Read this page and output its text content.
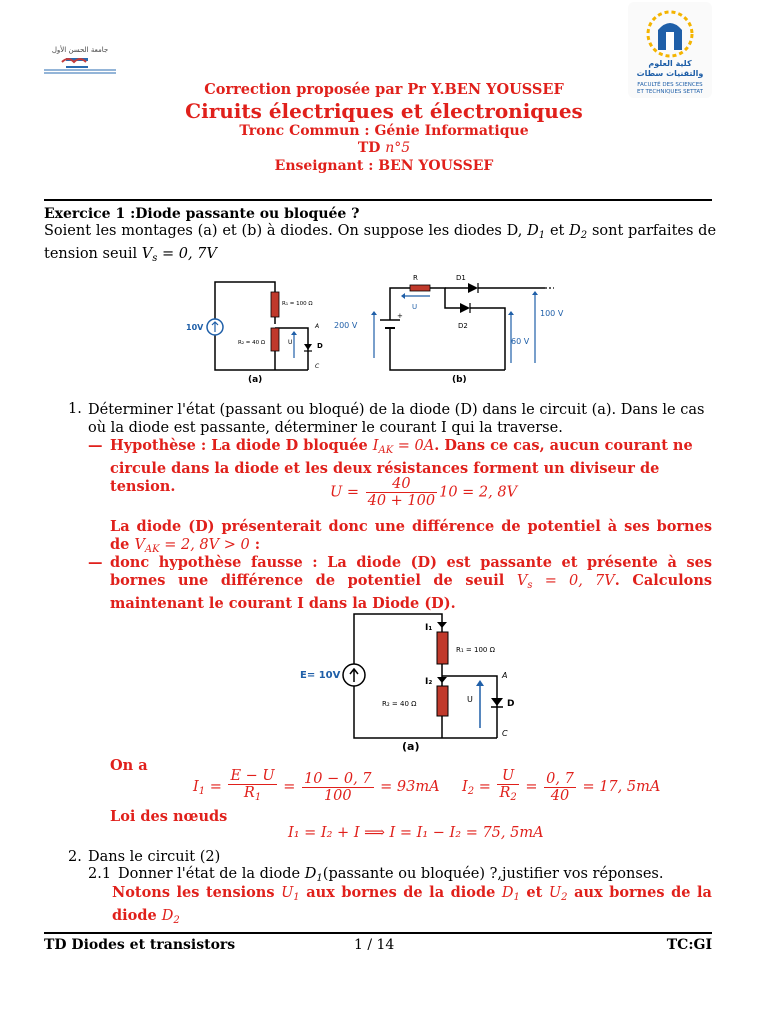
جامعة الحسن الأول
كلية العلوم
والتقنيات سطات
FACULTÉ DES SCIENCES
ET TECHNIQUES SETTAT
Correction proposée par Pr Y.BEN YOUSSEF
Ciruits électriques et électroniques
Tronc Commun : Génie Informatique
TD n°5
Enseignant : BEN YOUSSEF
Exercice 1 :Diode passante ou bloquée ?
Soient les montages (a) et (b) à diodes. On suppose les diodes D, $D_1$ et $D_2$ sont parfaites de tension seuil $V_s = 0$, 7V
10V
R₁ = 100 Ω
R₂ = 40 Ω	U	D
A
C
(a)
+
R	D1
D2
U
200 V
100 V
60 V
(b)
1. Déterminer l'état (passant ou bloqué) de la diode (D) dans le circuit (a). Dans le cas où la diode est passante, déterminer le courant I qui la traverse.
— Hypothèse : La diode D bloquée $I_{AK} = 0A$. Dans ce cas, aucun courant ne circule dans la diode et les deux résistances forment un diviseur de tension.	$U = \frac{40}{40 + 100} 10 = 2$, 8V
La diode (D) présenterait donc une différence de potentiel à ses bornes de $V_{AK} = 2$, 8V > 0 :
— donc hypothèse fausse : La diode (D) est passante et présente à ses bornes une différence de potentiel de seuil $V_s = 0$, 7V. Calculons maintenant le courant I dans la Diode (D).
I₁
I₂
R₁ = 100 Ω
R₂ = 40 Ω
E= 10V
U	D
A
C
(a)
On a
$I_1 = \frac{E - U}{R_1} = \frac{10 - 0, 7}{100} = 93mA$ $I_2 = \frac{U}{R_2} = \frac{0, 7}{40} = 17$, 5mA
Loi des nœuds
I₁ = I₂ + I ⟹ I = I₁ − I₂ = 75, 5mA
2. Dans le circuit (2)
2.1 Donner l'état de la diode $D_1(passante$ ou bloquée) ?,justifier vos réponses.
Notons les tensions $U_1$ aux bornes de la diode $D_1$ et $U_2$ aux bornes de la diode $D_2$
TD Diodes et transistors	1 / 14	TC:GI
